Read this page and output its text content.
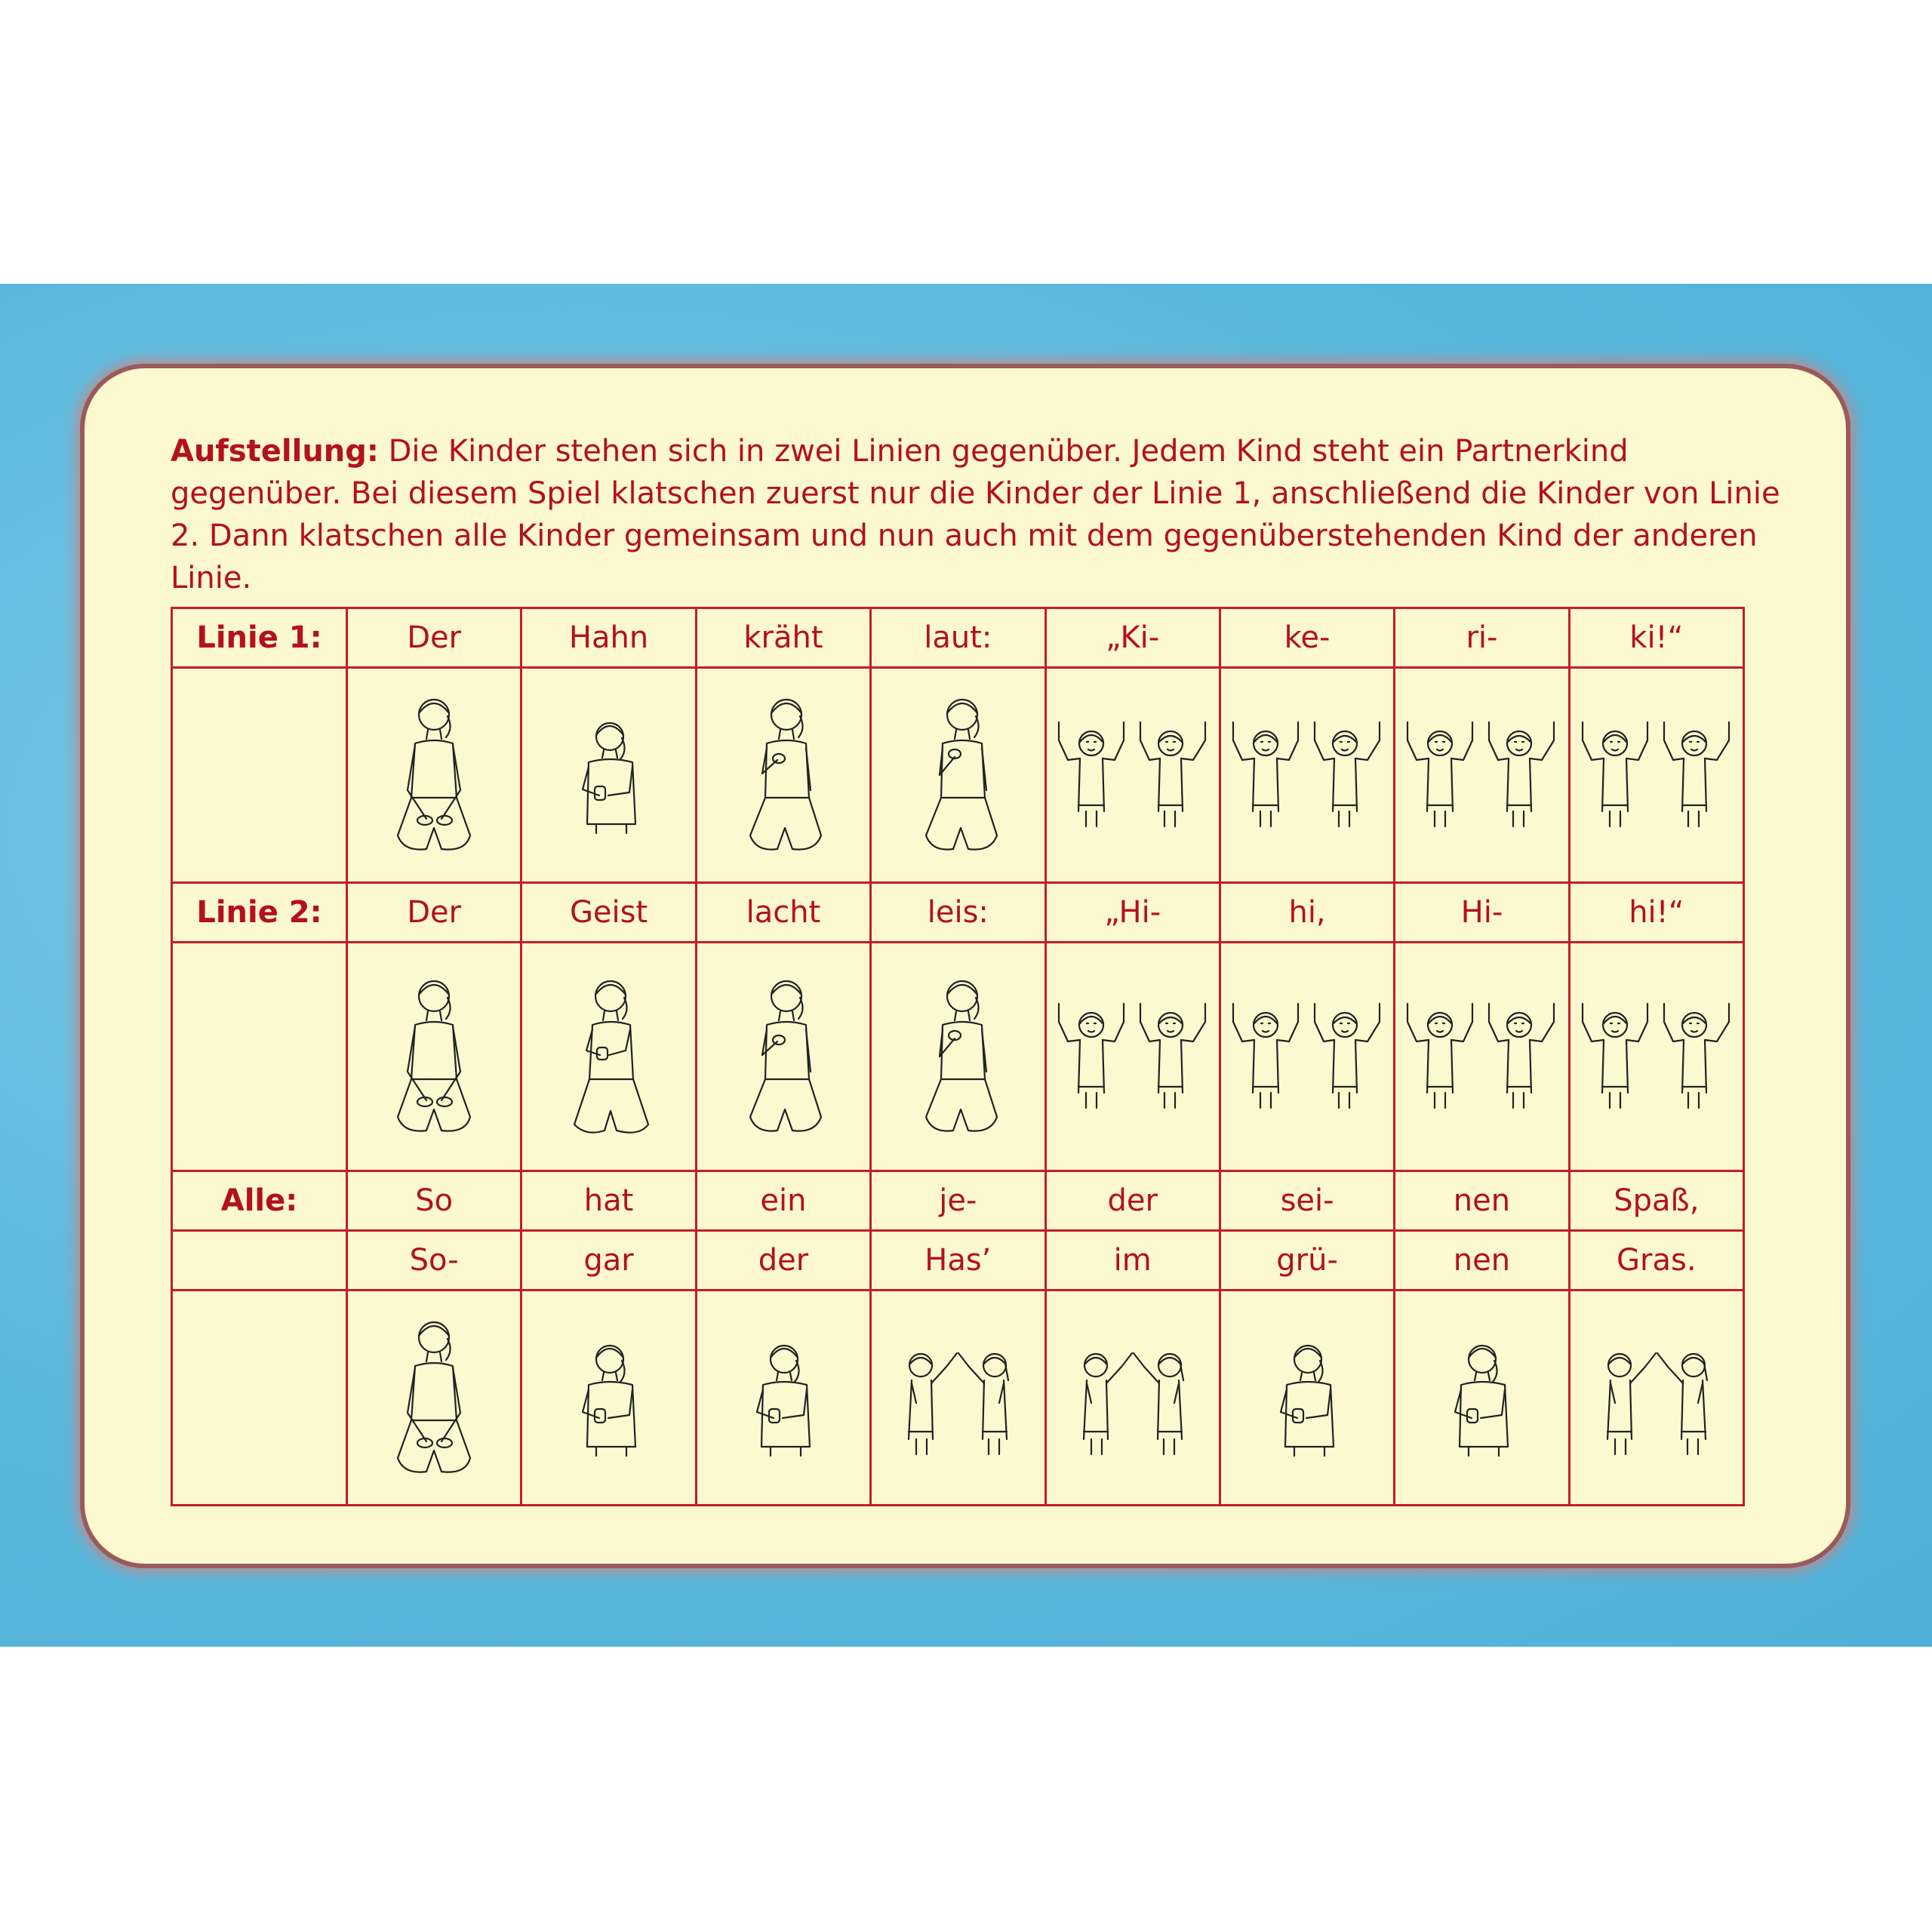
Aufstellung: Die Kinder stehen sich in zwei Linien gegenüber. Jedem Kind steht ein Partnerkind gegenüber. Bei diesem Spiel klatschen zuerst nur die Kinder der Linie 1, anschließend die Kinder von Linie 2. Dann klatschen alle Kinder gemeinsam und nun auch mit dem gegenüberstehenden Kind der anderen Linie.

Linie 1:	Der	Hahn	kräht	laut:	„Ki-	ke-	ri-	ki!“

Linie 2:	Der	Geist	lacht	leis:	„Hi-	hi,	Hi-	hi!“

Alle:	So	hat	ein	je-	der	sei-	nen	Spaß,
	So-	gar	der	Has’	im	grü-	nen	Gras.
